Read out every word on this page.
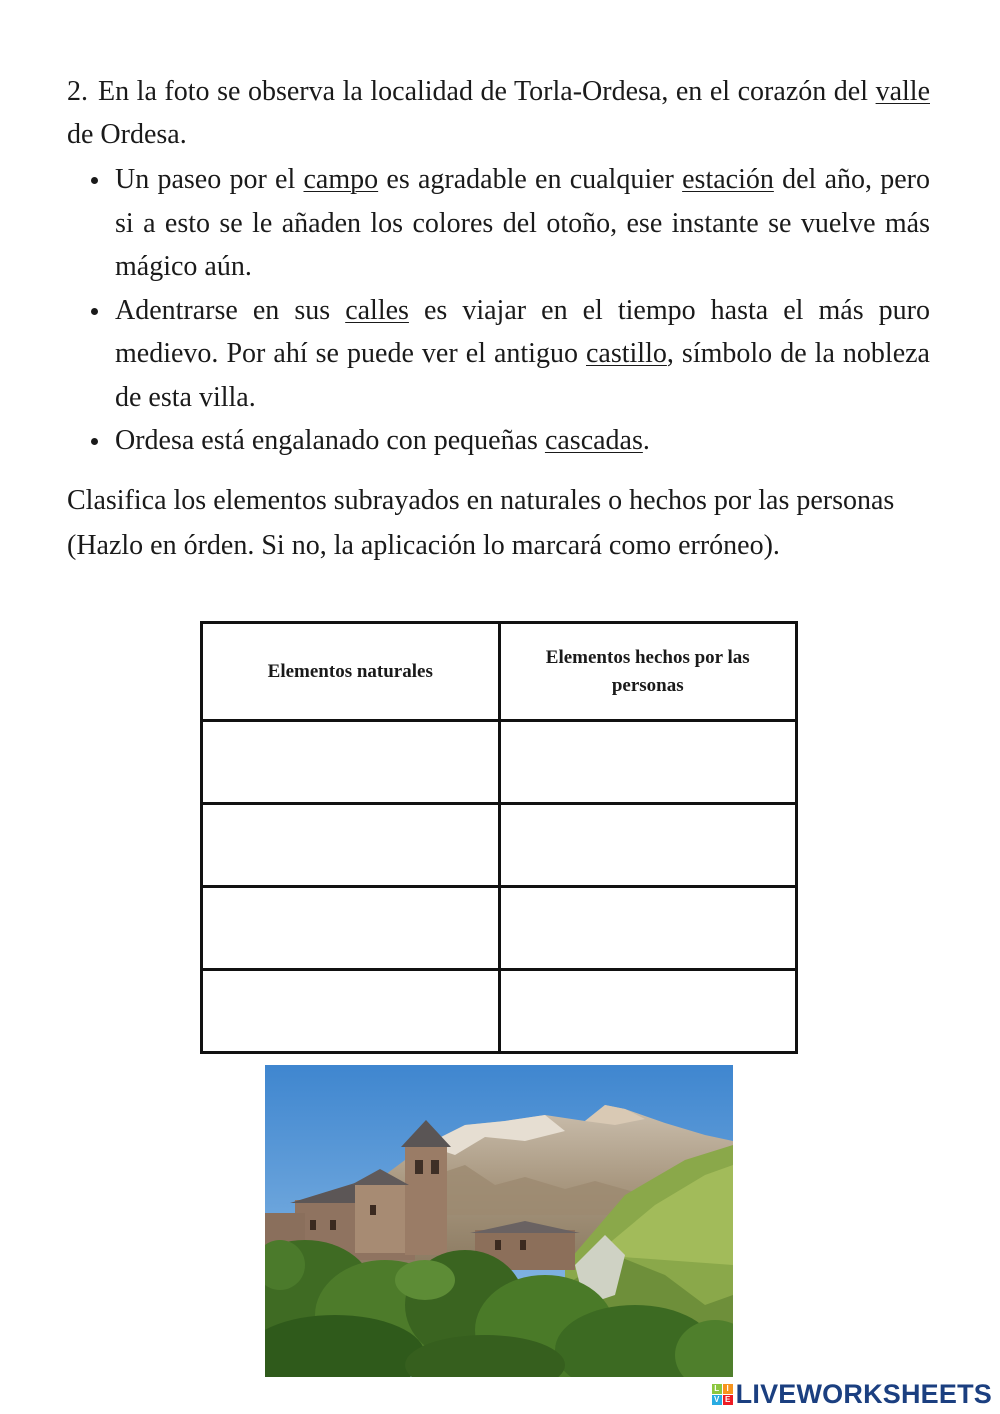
2. En la foto se observa la localidad de Torla-Ordesa, en el corazón del valle de Ordesa.
Un paseo por el campo es agradable en cualquier estación del año, pero si a esto se le añaden los colores del otoño, ese instante se vuelve más mágico aún.
Adentrarse en sus calles es viajar en el tiempo hasta el más puro medievo. Por ahí se puede ver el antiguo castillo, símbolo de la nobleza de esta villa.
Ordesa está engalanado con pequeñas cascadas.
Clasifica los elementos subrayados en naturales o hechos por las personas (Hazlo en órden. Si no, la aplicación lo marcará como erróneo).
Elementos naturales	Elementos hechos por las personas

L I
V E LIVEWORKSHEETS
